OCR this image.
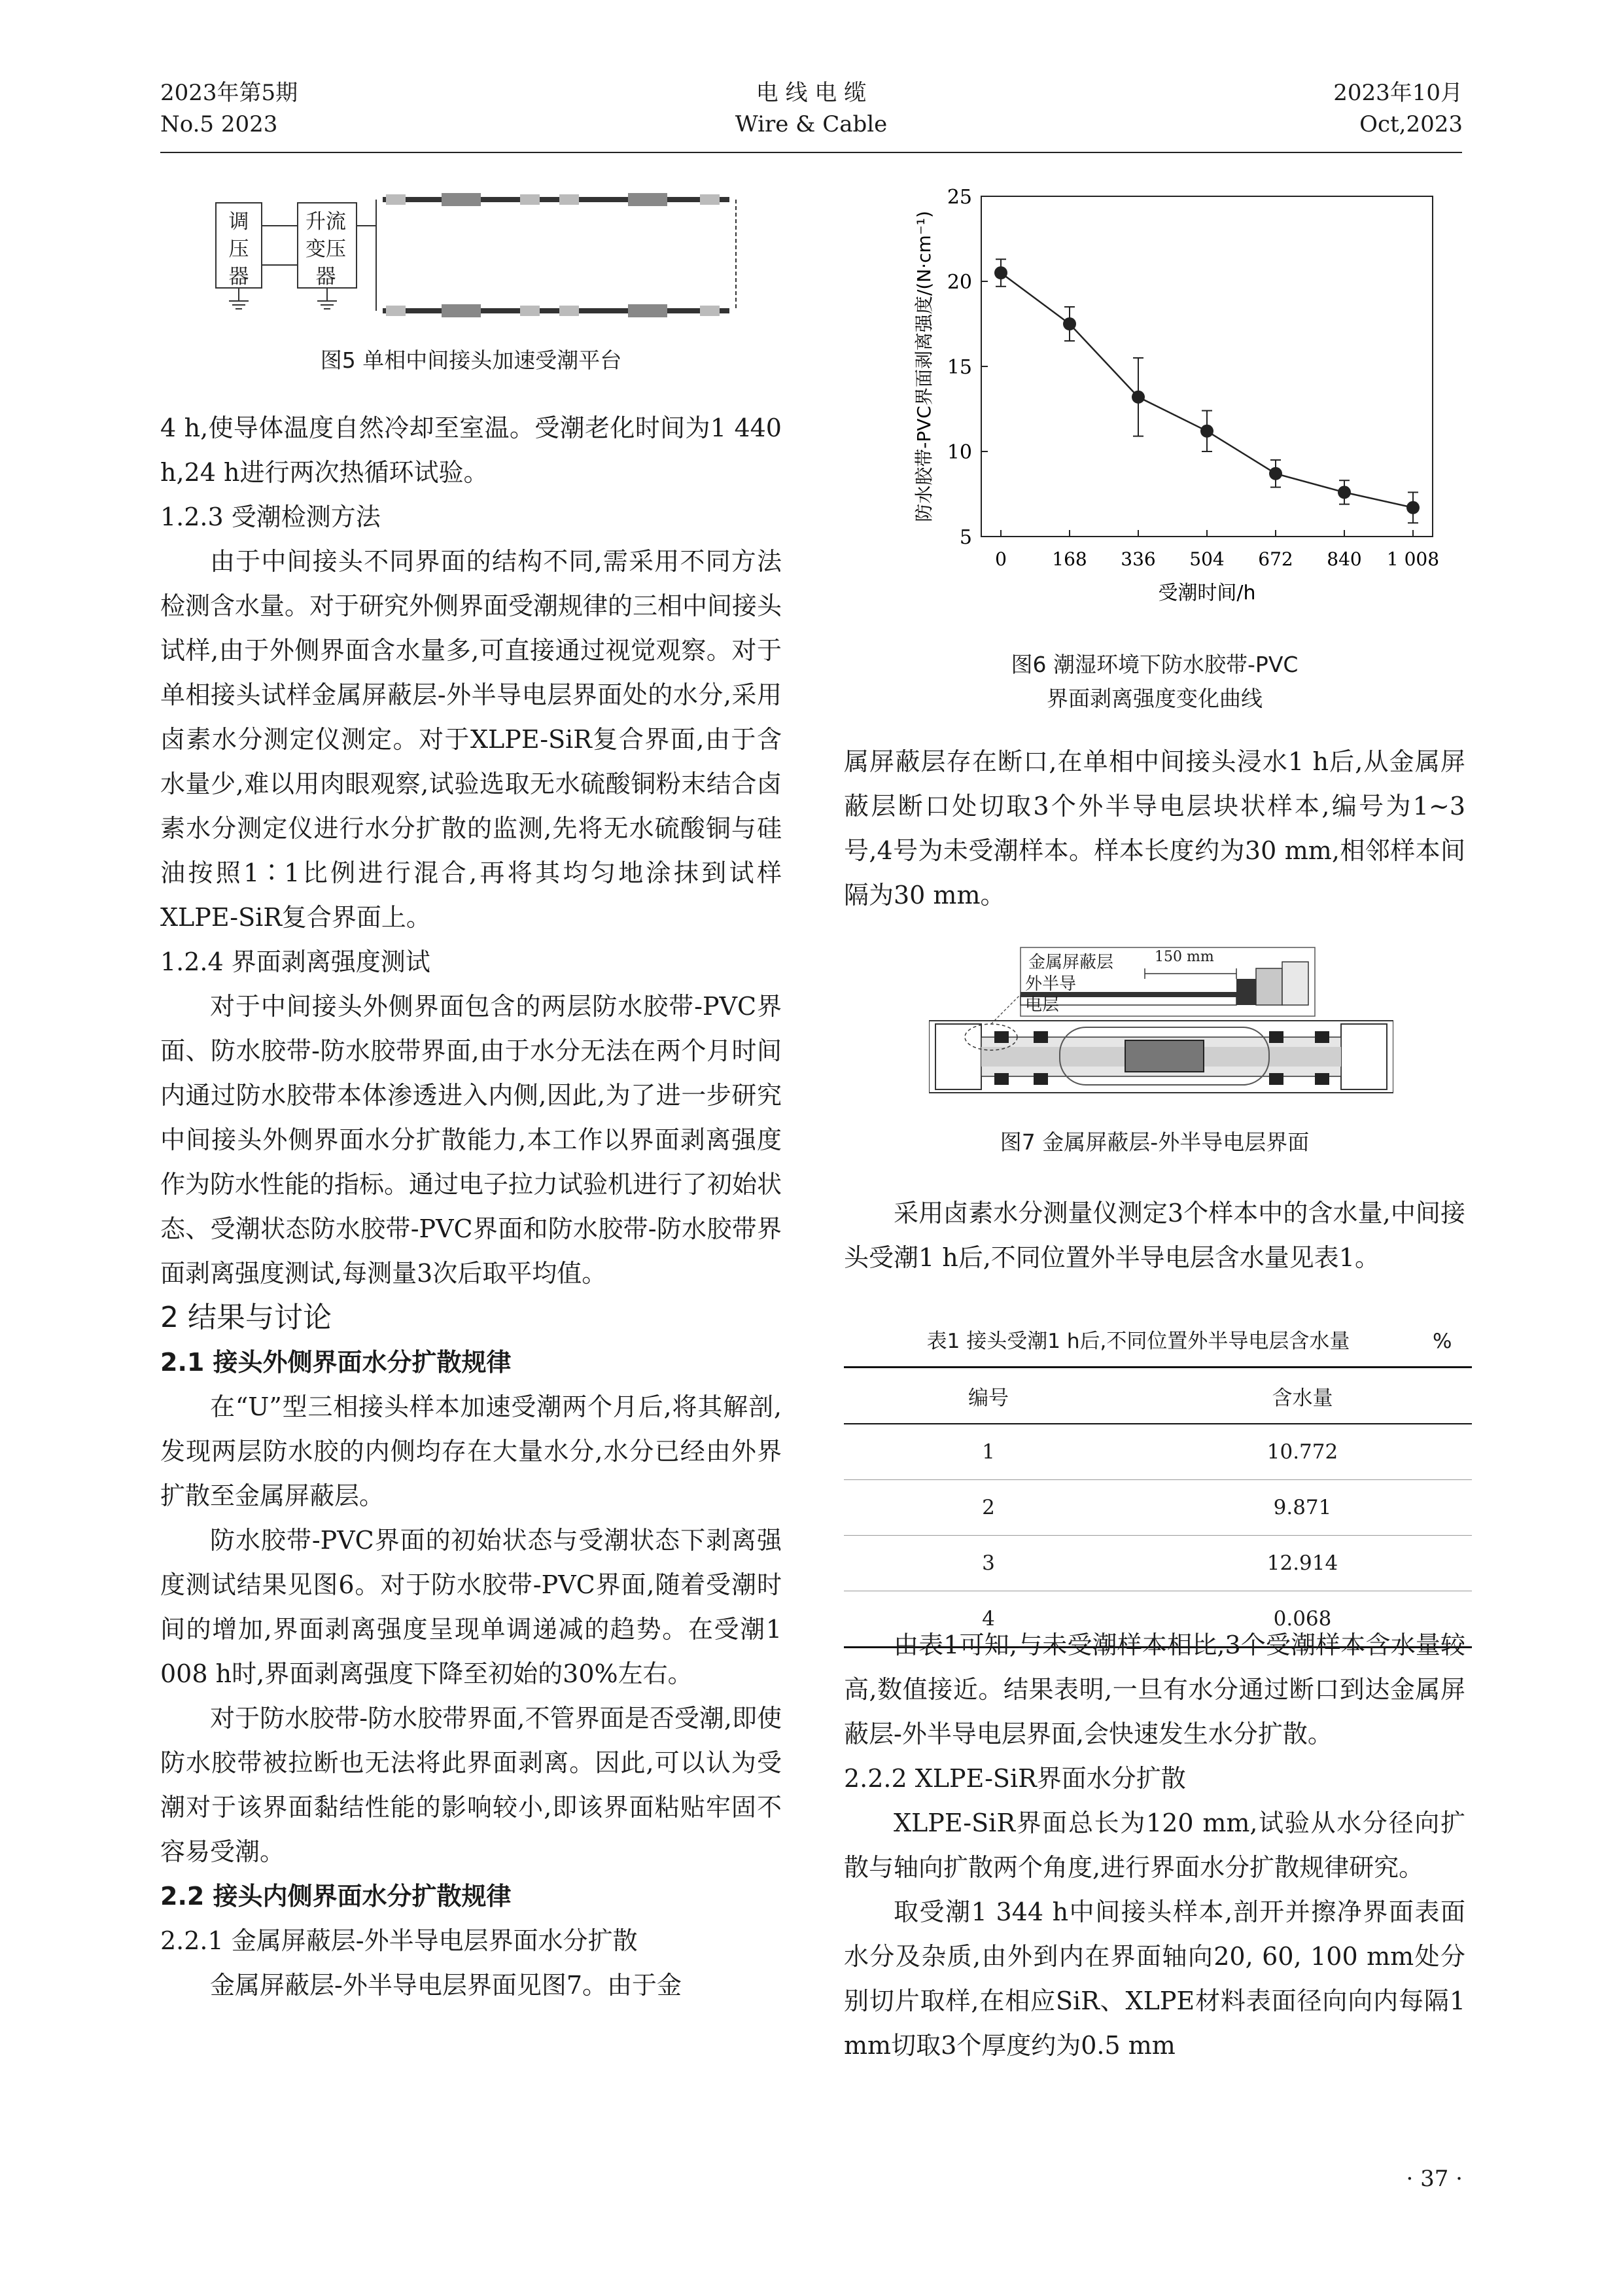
2023年第5期
No.5 2023
电 线 电 缆
Wire & Cable
2023年10月
Oct,2023
调压器
升流变压器
图5 单相中间接头加速受潮平台

4 h,使导体温度自然冷却至室温。受潮老化时间为1 440 h,24 h进行两次热循环试验。

1.2.3 受潮检测方法

由于中间接头不同界面的结构不同,需采用不同方法检测含水量。对于研究外侧界面受潮规律的三相中间接头试样,由于外侧界面含水量多,可直接通过视觉观察。对于单相接头试样金属屏蔽层-外半导电层界面处的水分,采用卤素水分测定仪测定。对于XLPE-SiR复合界面,由于含水量少,难以用肉眼观察,试验选取无水硫酸铜粉末结合卤素水分测定仪进行水分扩散的监测,先将无水硫酸铜与硅油按照1∶1比例进行混合,再将其均匀地涂抹到试样XLPE-SiR复合界面上。

1.2.4 界面剥离强度测试

对于中间接头外侧界面包含的两层防水胶带-PVC界面、防水胶带-防水胶带界面,由于水分无法在两个月时间内通过防水胶带本体渗透进入内侧,因此,为了进一步研究中间接头外侧界面水分扩散能力,本工作以界面剥离强度作为防水性能的指标。通过电子拉力试验机进行了初始状态、受潮状态防水胶带-PVC界面和防水胶带-防水胶带界面剥离强度测试,每测量3次后取平均值。

2 结果与讨论

2.1 接头外侧界面水分扩散规律

在“U”型三相接头样本加速受潮两个月后,将其解剖,发现两层防水胶的内侧均存在大量水分,水分已经由外界扩散至金属屏蔽层。

防水胶带-PVC界面的初始状态与受潮状态下剥离强度测试结果见图6。对于防水胶带-PVC界面,随着受潮时间的增加,界面剥离强度呈现单调递减的趋势。在受潮1 008 h时,界面剥离强度下降至初始的30%左右。

对于防水胶带-防水胶带界面,不管界面是否受潮,即使防水胶带被拉断也无法将此界面剥离。因此,可以认为受潮对于该界面黏结性能的影响较小,即该界面粘贴牢固不容易受潮。

2.2 接头内侧界面水分扩散规律

2.2.1 金属屏蔽层-外半导电层界面水分扩散

金属屏蔽层-外半导电层界面见图7。由于金

5
10
15
20
25
0 168 336 504 672 840 1 008
受潮时间/h
防水胶带-PVC界面剥离强度/(N·cm⁻¹)
图6 潮湿环境下防水胶带-PVC
界面剥离强度变化曲线

属屏蔽层存在断口,在单相中间接头浸水1 h后,从金属屏蔽层断口处切取3个外半导电层块状样本,编号为1~3号,4号为未受潮样本。样本长度约为30 mm,相邻样本间隔为30 mm。

金属屏蔽层	150 mm
外半导
电层
图7 金属屏蔽层-外半导电层界面

采用卤素水分测量仪测定3个样本中的含水量,中间接头受潮1 h后,不同位置外半导电层含水量见表1。

表1 接头受潮1 h后,不同位置外半导电层含水量	%
编号	含水量
1	10.772
2	9.871
3	12.914
4	0.068

由表1可知,与未受潮样本相比,3个受潮样本含水量较高,数值接近。结果表明,一旦有水分通过断口到达金属屏蔽层-外半导电层界面,会快速发生水分扩散。

2.2.2 XLPE-SiR界面水分扩散

XLPE-SiR界面总长为120 mm,试验从水分径向扩散与轴向扩散两个角度,进行界面水分扩散规律研究。

取受潮1 344 h中间接头样本,剖开并擦净界面表面水分及杂质,由外到内在界面轴向20, 60, 100 mm处分别切片取样,在相应SiR、XLPE材料表面径向向内每隔1 mm切取3个厚度约为0.5 mm

· 37 ·
